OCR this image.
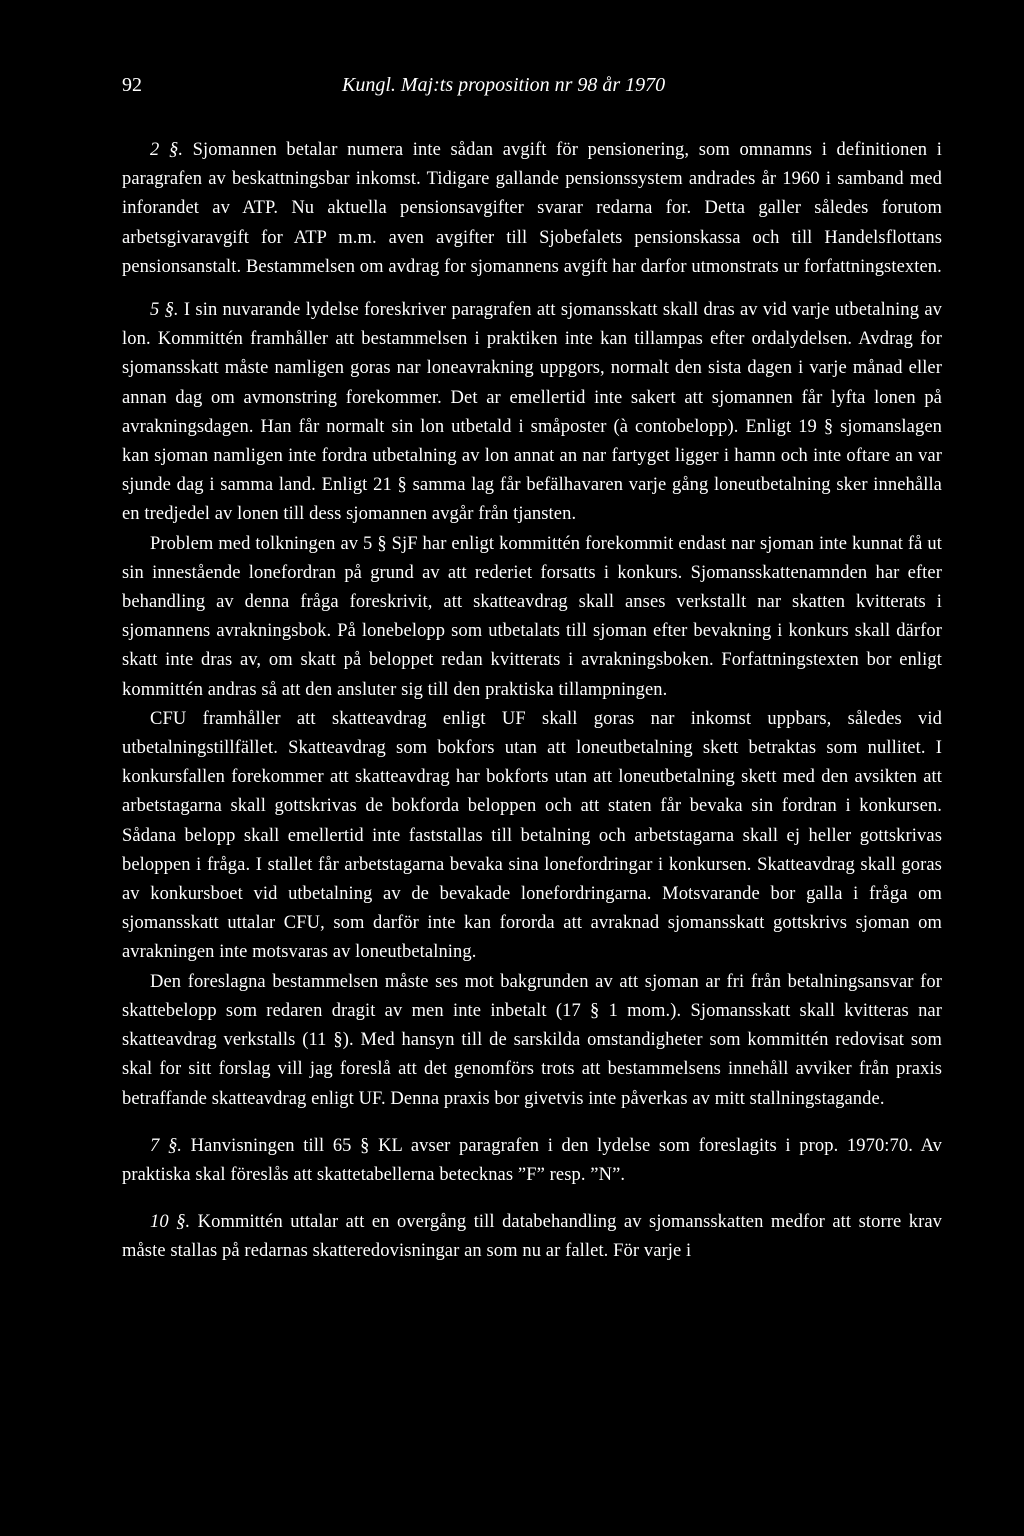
92	Kungl. Maj:ts proposition nr 98 år 1970

2 §. Sjomannen betalar numera inte sådan avgift för pensionering, som omnamns i definitionen i paragrafen av beskattningsbar inkomst. Tidigare gallande pensionssystem andrades år 1960 i samband med inforandet av ATP. Nu aktuella pensionsavgifter svarar redarna for. Detta galler således forutom arbetsgivaravgift for ATP m.m. aven avgifter till Sjobefalets pensionskassa och till Handelsflottans pensionsanstalt. Bestammelsen om avdrag for sjomannens avgift har darfor utmonstrats ur forfattningstexten.

5 §. I sin nuvarande lydelse foreskriver paragrafen att sjomansskatt skall dras av vid varje utbetalning av lon. Kommittén framhåller att bestammelsen i praktiken inte kan tillampas efter ordalydelsen. Avdrag for sjomansskatt måste namligen goras nar loneavrakning uppgors, normalt den sista dagen i varje månad eller annan dag om avmonstring forekommer. Det ar emellertid inte sakert att sjomannen får lyfta lonen på avrakningsdagen. Han får normalt sin lon utbetald i småposter (à contobelopp). Enligt 19 § sjomanslagen kan sjoman namligen inte fordra utbetalning av lon annat an nar fartyget ligger i hamn och inte oftare an var sjunde dag i samma land. Enligt 21 § samma lag får befälhavaren varje gång loneutbetalning sker innehålla en tredjedel av lonen till dess sjomannen avgår från tjansten.

Problem med tolkningen av 5 § SjF har enligt kommittén forekommit endast nar sjoman inte kunnat få ut sin innestående lonefordran på grund av att rederiet forsatts i konkurs. Sjomansskattenamnden har efter behandling av denna fråga foreskrivit, att skatteavdrag skall anses verkstallt nar skatten kvitterats i sjomannens avrakningsbok. På lonebelopp som utbetalats till sjoman efter bevakning i konkurs skall därfor skatt inte dras av, om skatt på beloppet redan kvitterats i avrakningsboken. Forfattningstexten bor enligt kommittén andras så att den ansluter sig till den praktiska tillampningen.

CFU framhåller att skatteavdrag enligt UF skall goras nar inkomst uppbars, således vid utbetalningstillfället. Skatteavdrag som bokfors utan att loneutbetalning skett betraktas som nullitet. I konkursfallen forekommer att skatteavdrag har bokforts utan att loneutbetalning skett med den avsikten att arbetstagarna skall gottskrivas de bokforda beloppen och att staten får bevaka sin fordran i konkursen. Sådana belopp skall emellertid inte faststallas till betalning och arbetstagarna skall ej heller gottskrivas beloppen i fråga. I stallet får arbetstagarna bevaka sina lonefordringar i konkursen. Skatteavdrag skall goras av konkursboet vid utbetalning av de bevakade lonefordringarna. Motsvarande bor galla i fråga om sjomansskatt uttalar CFU, som darför inte kan fororda att avraknad sjomansskatt gottskrivs sjoman om avrakningen inte motsvaras av loneutbetalning.

Den foreslagna bestammelsen måste ses mot bakgrunden av att sjoman ar fri från betalningsansvar for skattebelopp som redaren dragit av men inte inbetalt (17 § 1 mom.). Sjomansskatt skall kvitteras nar skatteavdrag verkstalls (11 §). Med hansyn till de sarskilda omstandigheter som kommittén redovisat som skal for sitt forslag vill jag foreslå att det genomförs trots att bestammelsens innehåll avviker från praxis betraffande skatteavdrag enligt UF. Denna praxis bor givetvis inte påverkas av mitt stallningstagande.

7 §. Hanvisningen till 65 § KL avser paragrafen i den lydelse som foreslagits i prop. 1970:70. Av praktiska skal föreslås att skattetabellerna betecknas ”F” resp. ”N”.

10 §. Kommittén uttalar att en overgång till databehandling av sjomansskatten medfor att storre krav måste stallas på redarnas skatteredovisningar an som nu ar fallet. För varje i
